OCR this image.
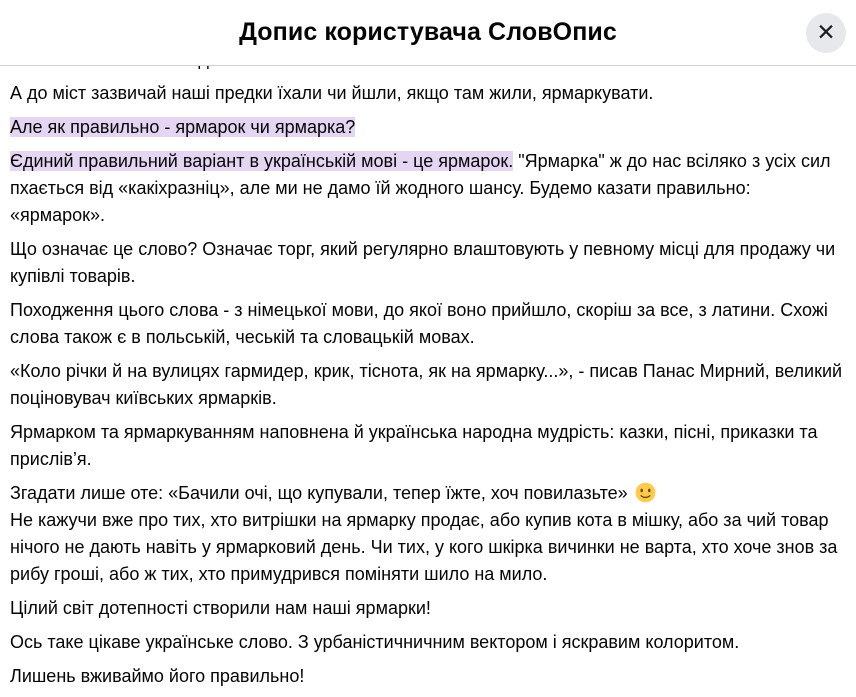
Допис користувача СловОпис	✕

А до міст зазвичай наші предки їхали чи йшли, якщо там жили, ярмаркувати.

Але як правильно - ярмарок чи ярмарка?

Єдиний правильний варіант в українській мові - це ярмарок. "Ярмарка" ж до нас всіляко з усіх сил пхається від «какіхразніц», але ми не дамо їй жодного шансу. Будемо казати правильно: «ярмарок».

Що означає це слово? Означає торг, який регулярно влаштовують у певному місці для продажу чи купівлі товарів.

Походження цього слова - з німецької мови, до якої воно прийшло, скоріш за все, з латини. Схожі слова також є в польській, чеській та словацькій мовах.

«Коло річки й на вулицях гармидер, крик, тіснота, як на ярмарку...», - писав Панас Мирний, великий поціновувач київських ярмарків.

Ярмарком та ярмаркуванням наповнена й українська народна мудрість: казки, пісні, приказки та прислів’я.

Згадати лише оте: «Бачили очі, що купували, тепер їжте, хоч повилазьте»

Не кажучи вже про тих, хто витрішки на ярмарку продає, або купив кота в мішку, або за чий товар нічого не дають навіть у ярмарковий день. Чи тих, у кого шкірка вичинки не варта, хто хоче знов за рибу гроші, або ж тих, хто примудрився поміняти шило на мило.

Цілий світ дотепності створили нам наші ярмарки!

Ось таке цікаве українське слово. З урбаністичничним вектором і яскравим колоритом.

Лишень вживаймо його правильно!
